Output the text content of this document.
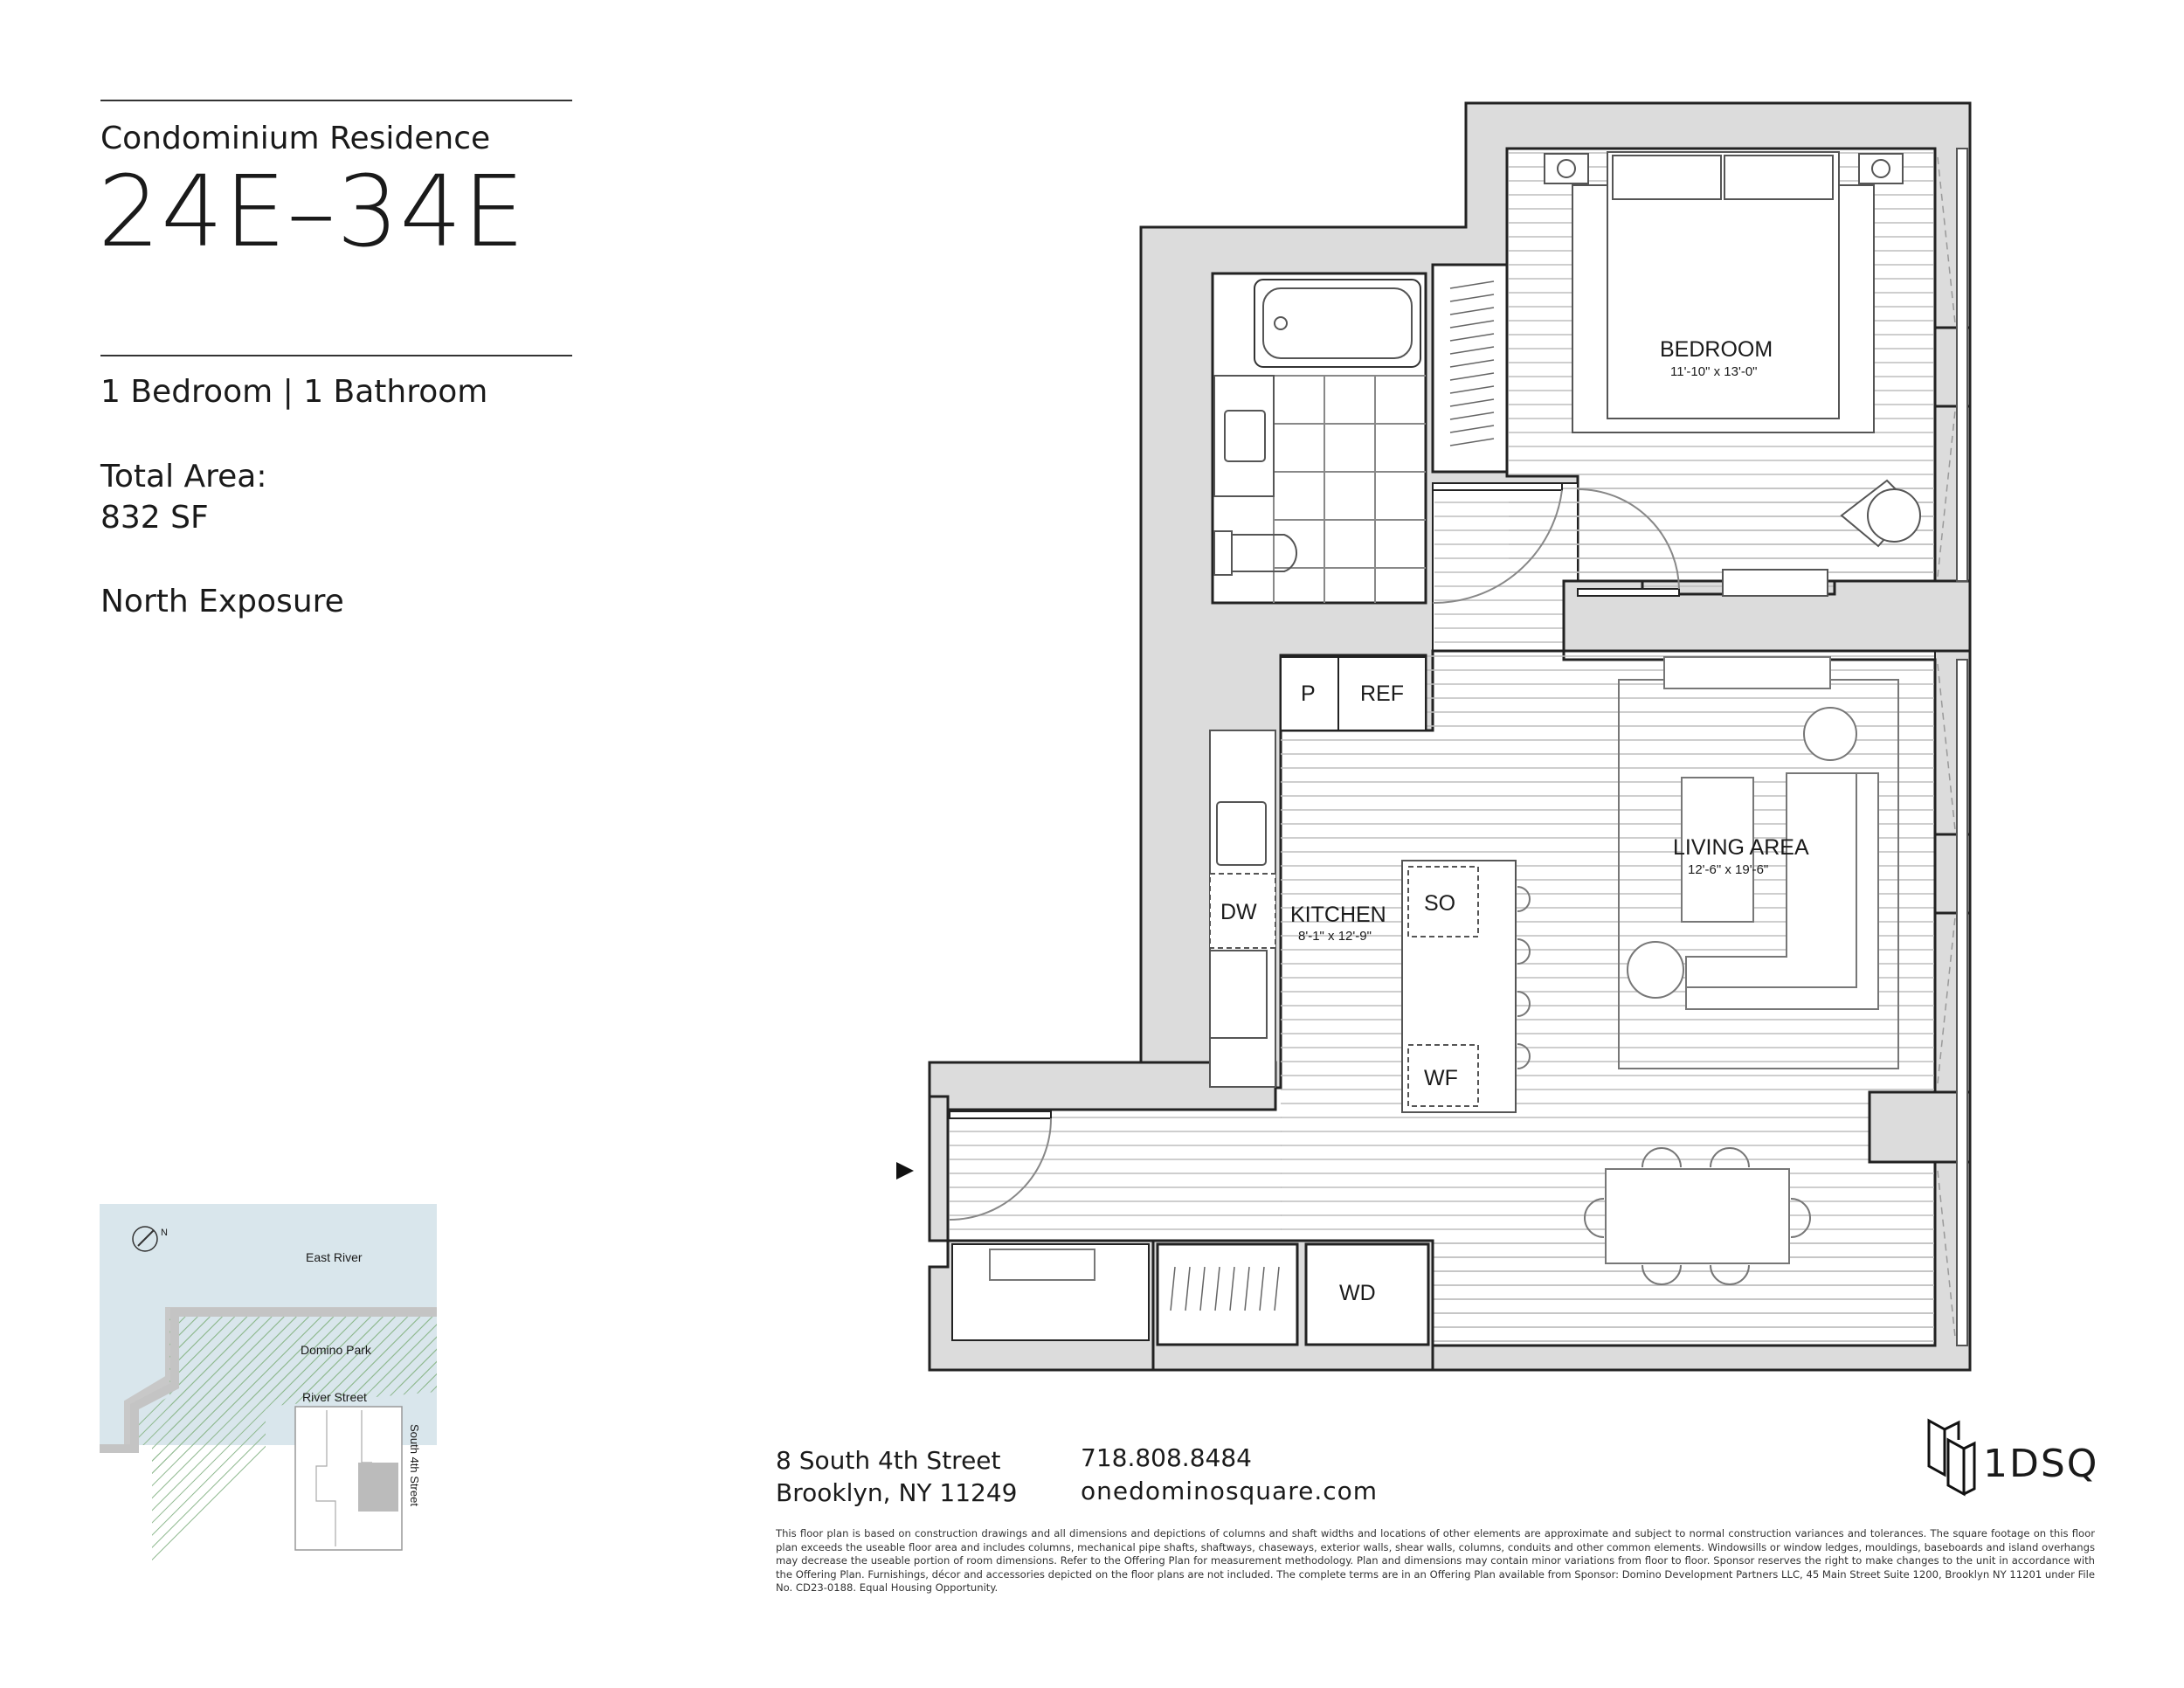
Condominium Residence
24E–34E
1 Bedroom | 1 Bathroom
Total Area:
832 SF
North Exposure
N
East River
Domino Park
River Street
South 4th Street
BEDROOM
11'-10" x 13'-0"
LIVING AREA
12'-6" x 19'-6"
KITCHEN
8'-1" x 12'-9"
P REF
DW	SO
WF
WD
8 South 4th Street
Brooklyn, NY 11249
718.808.8484
onedominosquare.com
1DSQ
This floor plan is based on construction drawings and all dimensions and depictions of columns and shaft widths and locations of other elements are approximate and subject to normal construction variances and tolerances. The square footage on this floor plan exceeds the useable floor area and includes columns, mechanical pipe shafts, shaftways, chaseways, exterior walls, shear walls, columns, conduits and other common elements. Windowsills or window ledges, mouldings, baseboards and island overhangs may decrease the useable portion of room dimensions. Refer to the Offering Plan for measurement methodology. Plan and dimensions may contain minor variations from floor to floor. Sponsor reserves the right to make changes to the unit in accordance with the Offering Plan. Furnishings, décor and accessories depicted on the floor plans are not included. The complete terms are in an Offering Plan available from Sponsor: Domino Development Partners LLC, 45 Main Street Suite 1200, Brooklyn NY 11201 under File No. CD23-0188. Equal Housing Opportunity.
